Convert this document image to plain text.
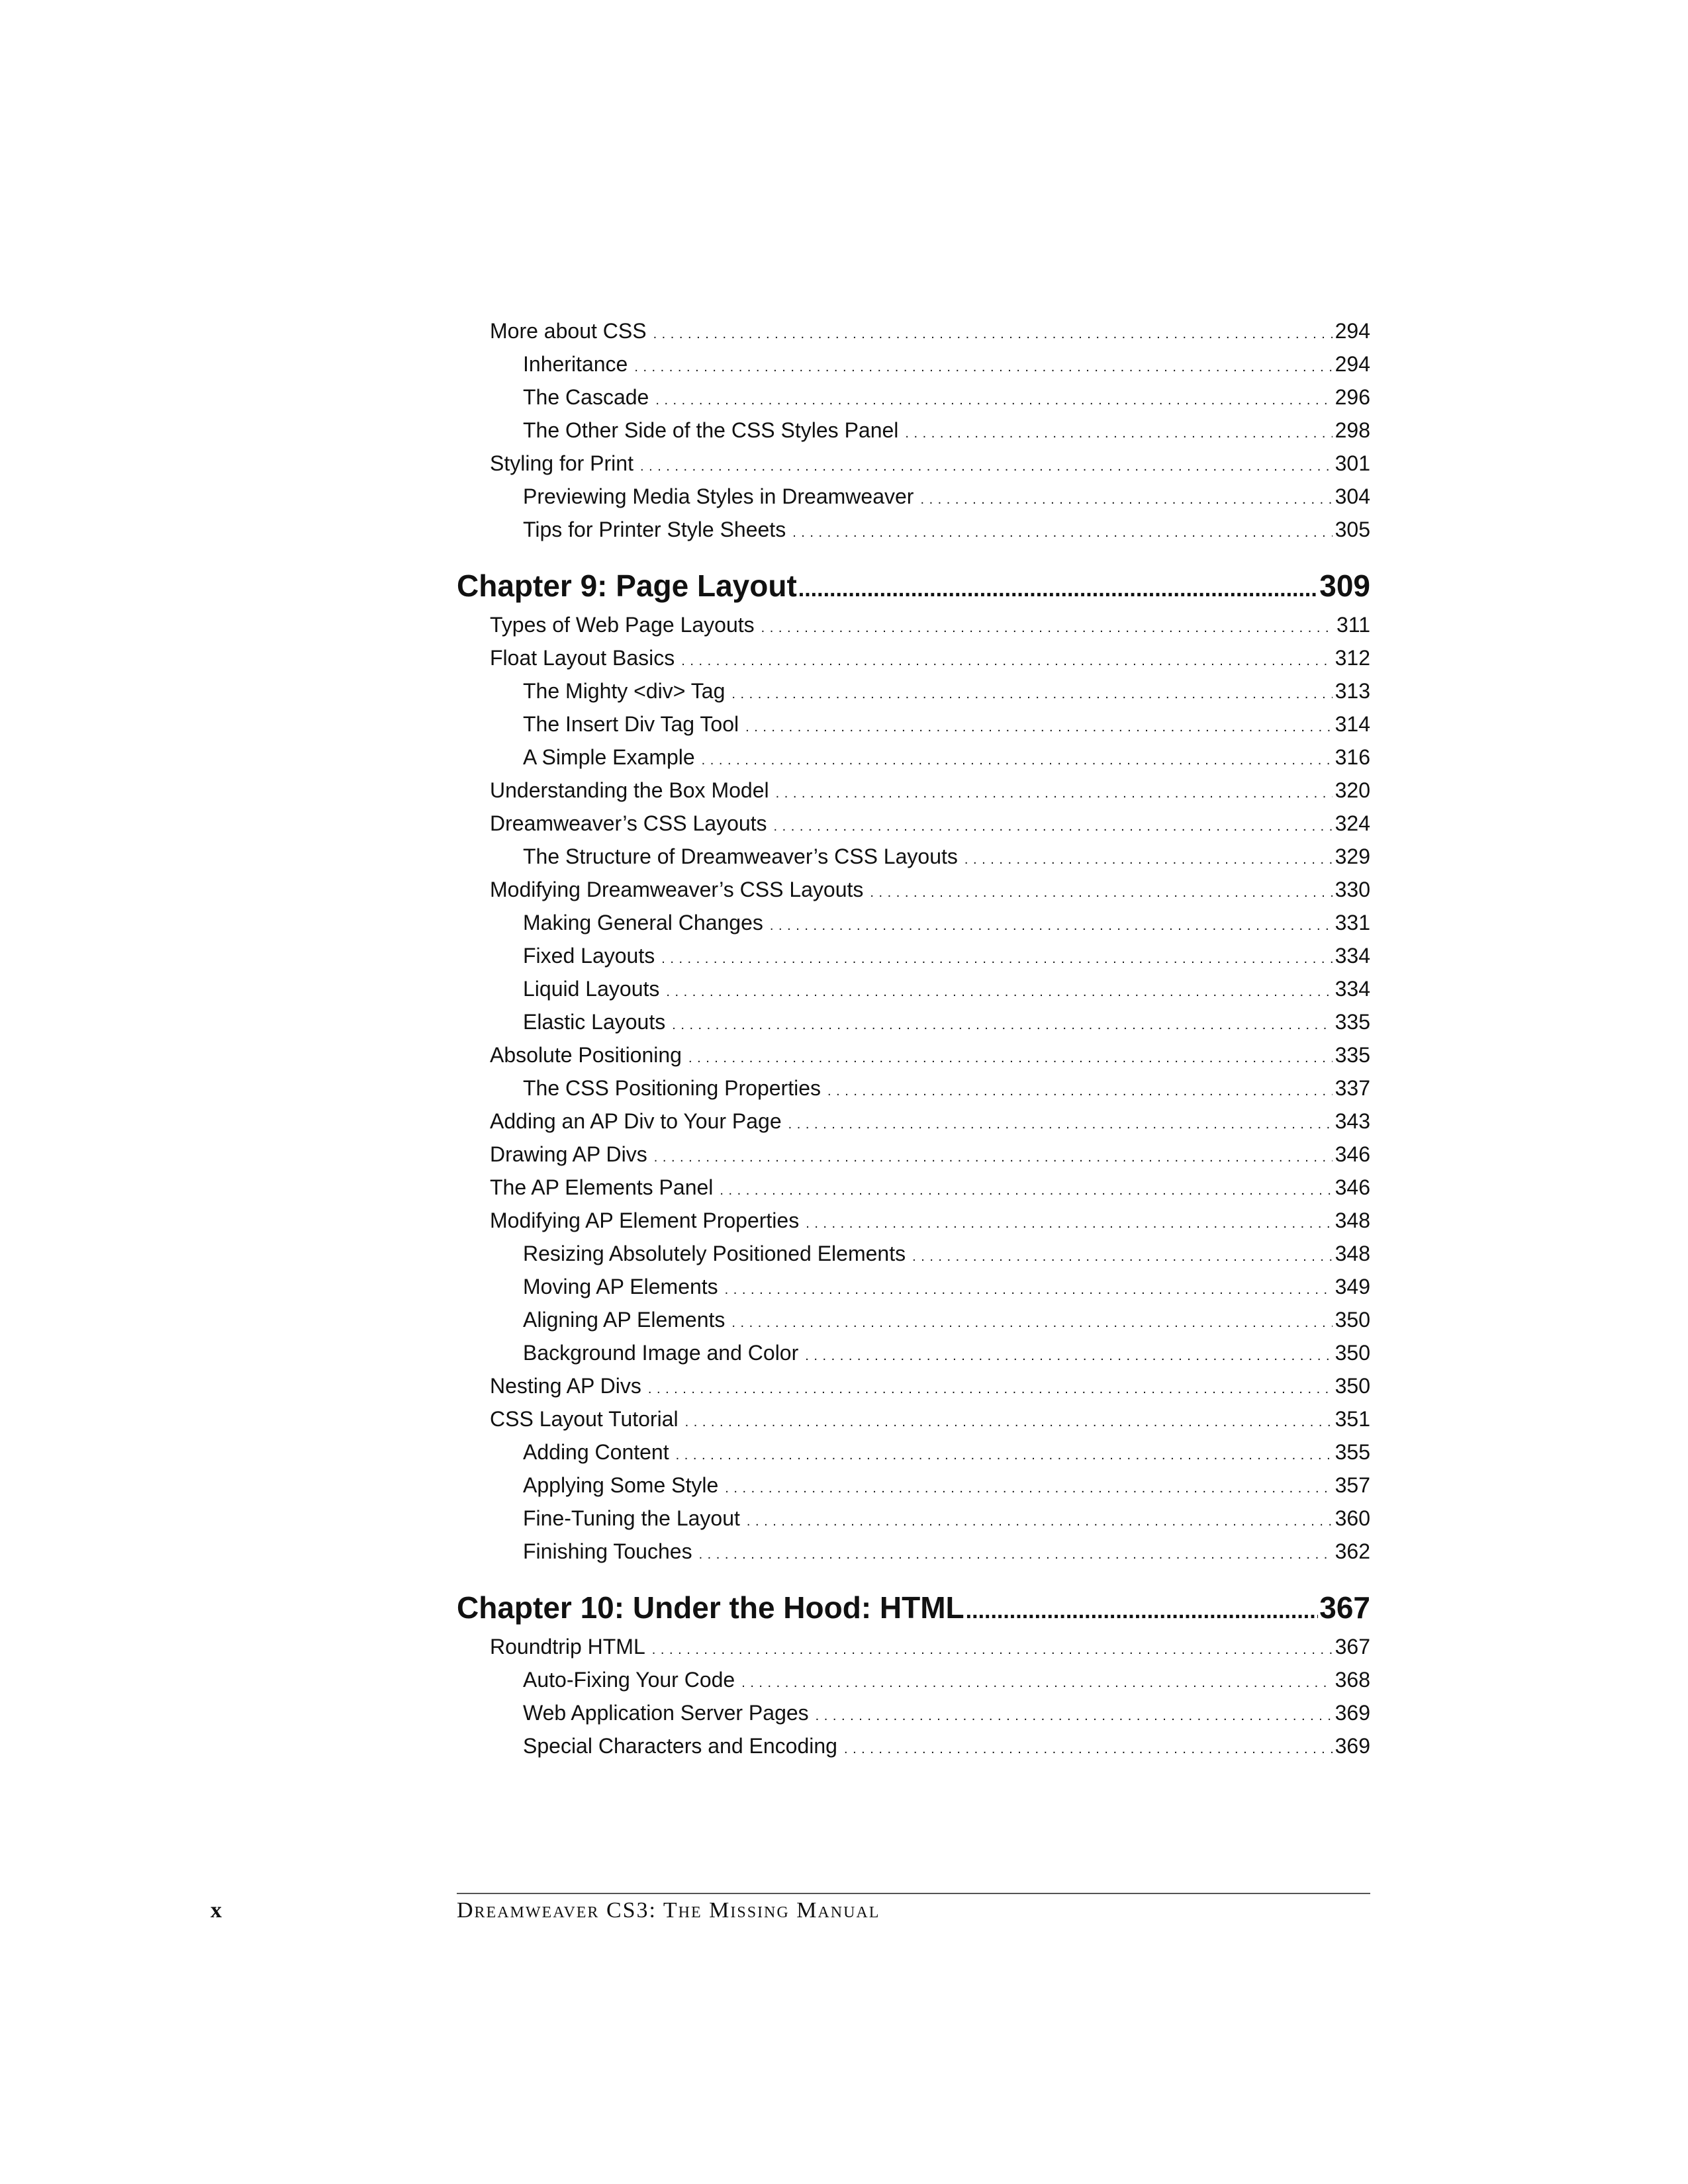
More about CSS . . .	294
Inheritance . . .	294
The Cascade . . .	296
The Other Side of the CSS Styles Panel . . .	298
Styling for Print . . .	301
Previewing Media Styles in Dreamweaver . . .	304
Tips for Printer Style Sheets . . .	305
Chapter 9: Page Layout .....	309
Types of Web Page Layouts . . .	311
Float Layout Basics . . .	312
The Mighty <div> Tag . . .	313
The Insert Div Tag Tool . . .	314
A Simple Example . . .	316
Understanding the Box Model . . .	320
Dreamweaver’s CSS Layouts . . .	324
The Structure of Dreamweaver’s CSS Layouts . . .	329
Modifying Dreamweaver’s CSS Layouts . . .	330
Making General Changes . . .	331
Fixed Layouts . . .	334
Liquid Layouts . . .	334
Elastic Layouts . . .	335
Absolute Positioning . . .	335
The CSS Positioning Properties . . .	337
Adding an AP Div to Your Page . . .	343
Drawing AP Divs . . .	346
The AP Elements Panel . . .	346
Modifying AP Element Properties . . .	348
Resizing Absolutely Positioned Elements . . .	348
Moving AP Elements . . .	349
Aligning AP Elements . . .	350
Background Image and Color . . .	350
Nesting AP Divs . . .	350
CSS Layout Tutorial . . .	351
Adding Content . . .	355
Applying Some Style . . .	357
Fine-Tuning the Layout . . .	360
Finishing Touches . . .	362
Chapter 10: Under the Hood: HTML .....	367
Roundtrip HTML . . .	367
Auto-Fixing Your Code . . .	368
Web Application Server Pages . . .	369
Special Characters and Encoding . . .	369
x	Dreamweaver CS3: The Missing Manual
